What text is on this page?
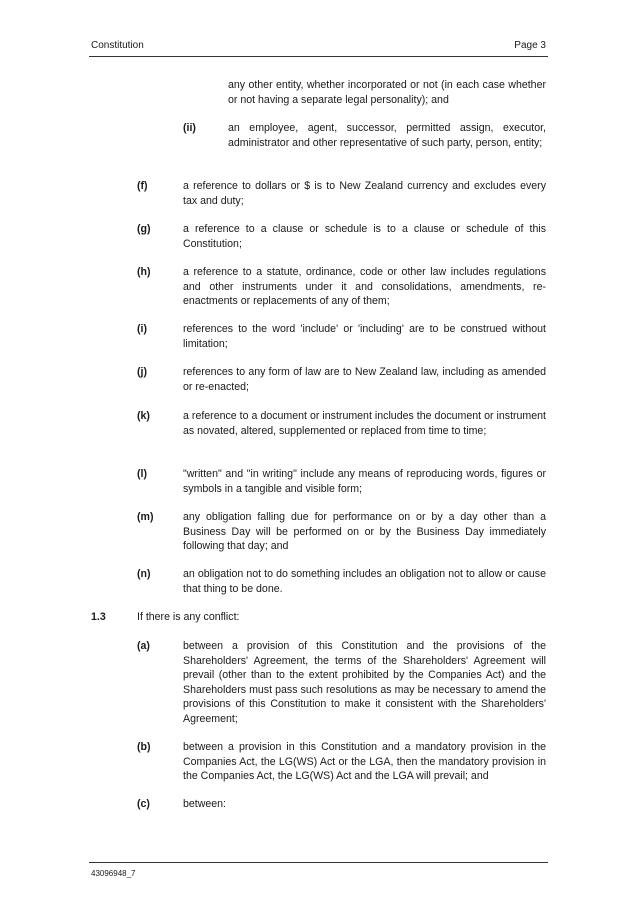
Constitution	Page 3
any other entity, whether incorporated or not (in each case whether or not having a separate legal personality); and
(ii)	an employee, agent, successor, permitted assign, executor, administrator and other representative of such party, person, entity;
(f)	a reference to dollars or $ is to New Zealand currency and excludes every tax and duty;
(g)	a reference to a clause or schedule is to a clause or schedule of this Constitution;
(h)	a reference to a statute, ordinance, code or other law includes regulations and other instruments under it and consolidations, amendments, re-enactments or replacements of any of them;
(i)	references to the word 'include' or 'including' are to be construed without limitation;
(j)	references to any form of law are to New Zealand law, including as amended or re-enacted;
(k)	a reference to a document or instrument includes the document or instrument as novated, altered, supplemented or replaced from time to time;
(l)	"written" and "in writing" include any means of reproducing words, figures or symbols in a tangible and visible form;
(m)	any obligation falling due for performance on or by a day other than a Business Day will be performed on or by the Business Day immediately following that day; and
(n)	an obligation not to do something includes an obligation not to allow or cause that thing to be done.
1.3	If there is any conflict:
(a)	between a provision of this Constitution and the provisions of the Shareholders' Agreement, the terms of the Shareholders' Agreement will prevail (other than to the extent prohibited by the Companies Act) and the Shareholders must pass such resolutions as may be necessary to amend the provisions of this Constitution to make it consistent with the Shareholders' Agreement;
(b)	between a provision in this Constitution and a mandatory provision in the Companies Act, the LG(WS) Act or the LGA, then the mandatory provision in the Companies Act, the LG(WS) Act and the LGA will prevail; and
(c)	between:
43096948_7
